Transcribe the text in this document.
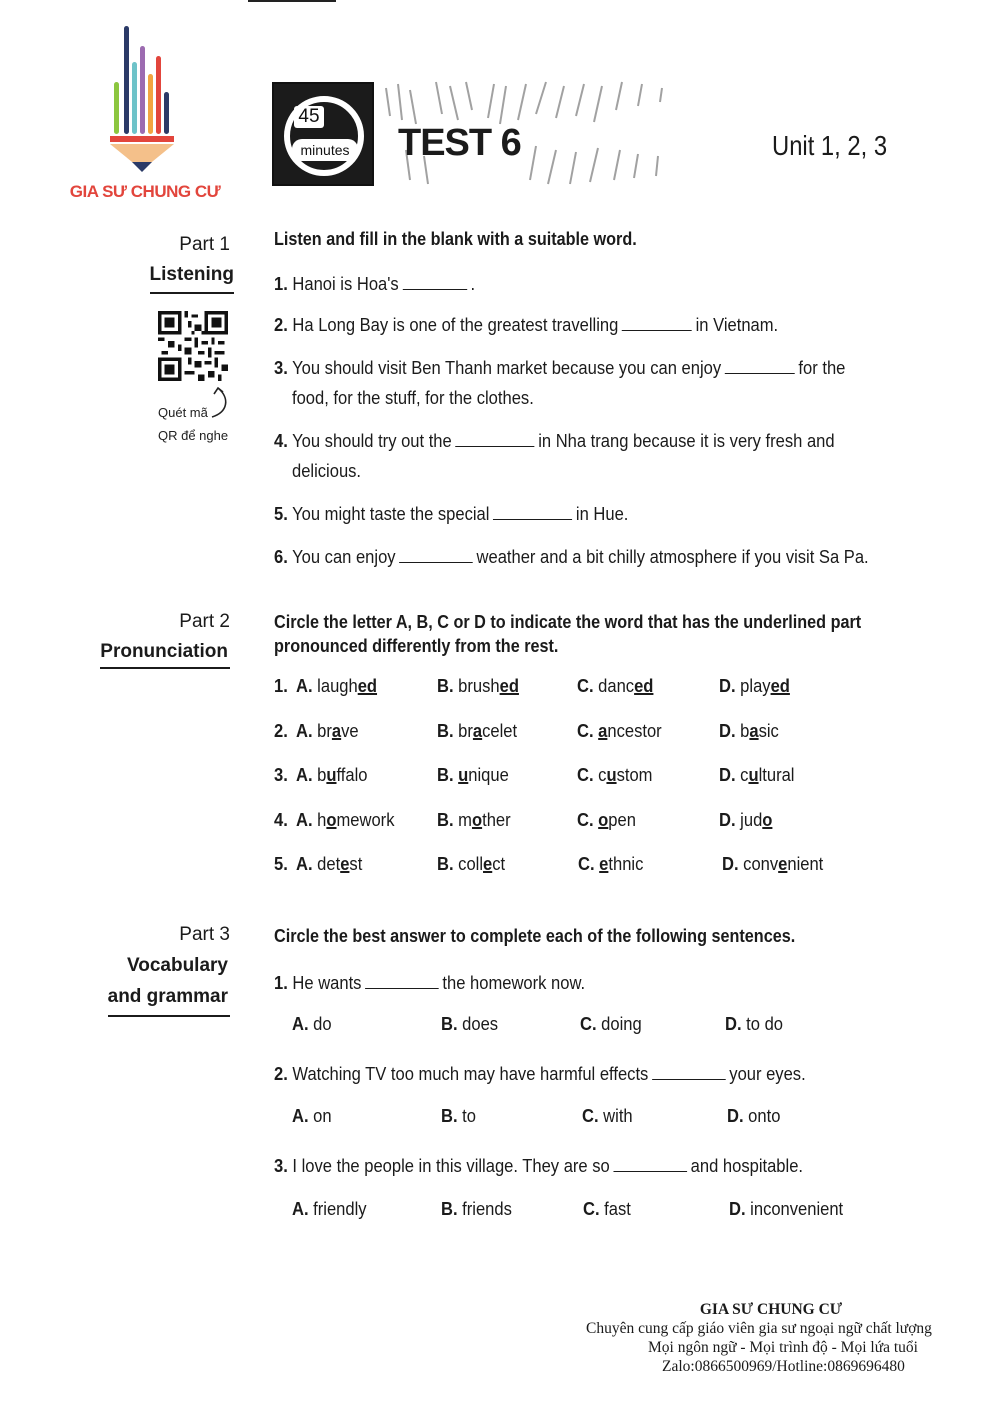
GIA SƯ CHUNG CƯ
45
minutes TEST 6	Unit 1, 2, 3
Part 1
Listening
Quét mã
QR để nghe
Listen and fill in the blank with a suitable word.
1. Hanoi is Hoa's	.
2. Ha Long Bay is one of the greatest travelling	in Vietnam.
3. You should visit Ben Thanh market because you can enjoy	for the
food, for the stuff, for the clothes.
4. You should try out the	in Nha trang because it is very fresh and
delicious.
5. You might taste the special	in Hue.
6. You can enjoy	weather and a bit chilly atmosphere if you visit Sa Pa.
Part 2
Pronunciation
Circle the letter A, B, C or D to indicate the word that has the underlined part
pronounced differently from the rest.
1. A. laughed	B. brushed	C. danced	D. played
2. A. brave	B. bracelet	C. ancestor	D. basic
3. A. buffalo	B. unique	C. custom	D. cultural
4. A. homework B. mother	C. open	D. judo
5. A. detest	B. collect	C. ethnic	D. convenient
Part 3
Vocabulary
and grammar
Circle the best answer to complete each of the following sentences.
1. He wants	the homework now.
2. Watching TV too much may have harmful effects	your eyes.
3. I love the people in this village. They are so	and hospitable.
A. do	B. does	C. doing	D. to do
A. on	B. to	C. with	D. onto
A. friendly	B. friends	C. fast	D. inconvenient
GIA SƯ CHUNG CƯ
Chuyên cung cấp giáo viên gia sư ngoại ngữ chất lượng
Mọi ngôn ngữ - Mọi trình độ - Mọi lứa tuổi
Zalo:0866500969/Hotline:0869696480
